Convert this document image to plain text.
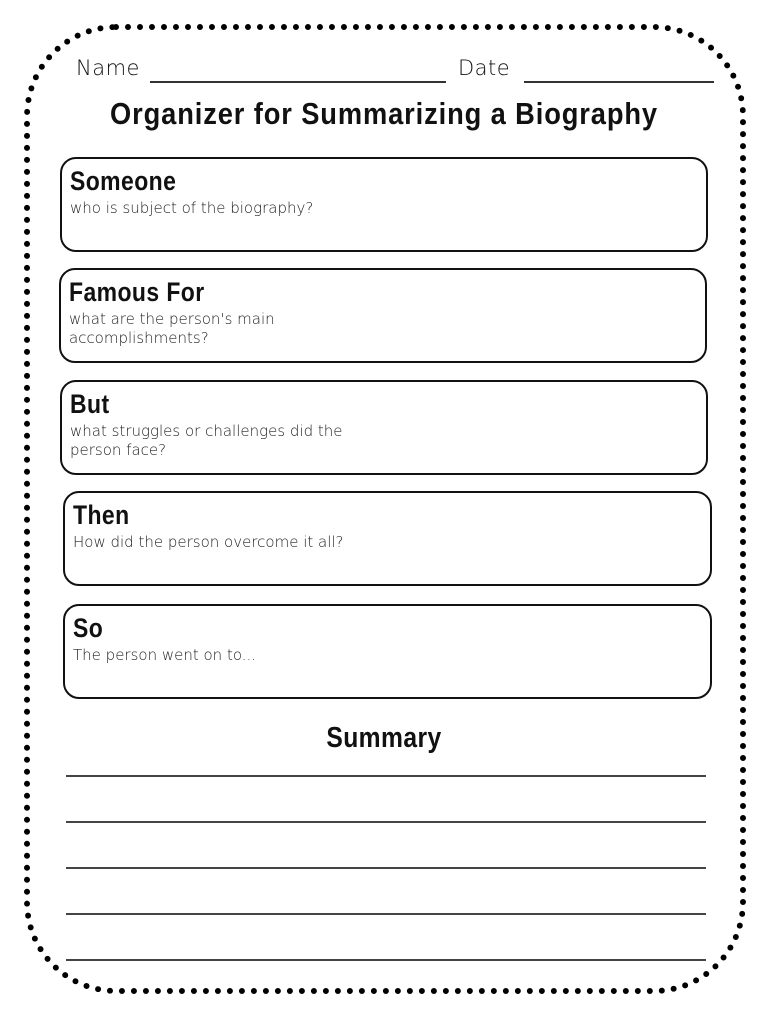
Name	Date
Organizer for Summarizing a Biography
Someone
who is subject of the biography?
Famous For
what are the person's main accomplishments?
But
what struggles or challenges did the person face?
Then
How did the person overcome it all?
So
The person went on to...
Summary
